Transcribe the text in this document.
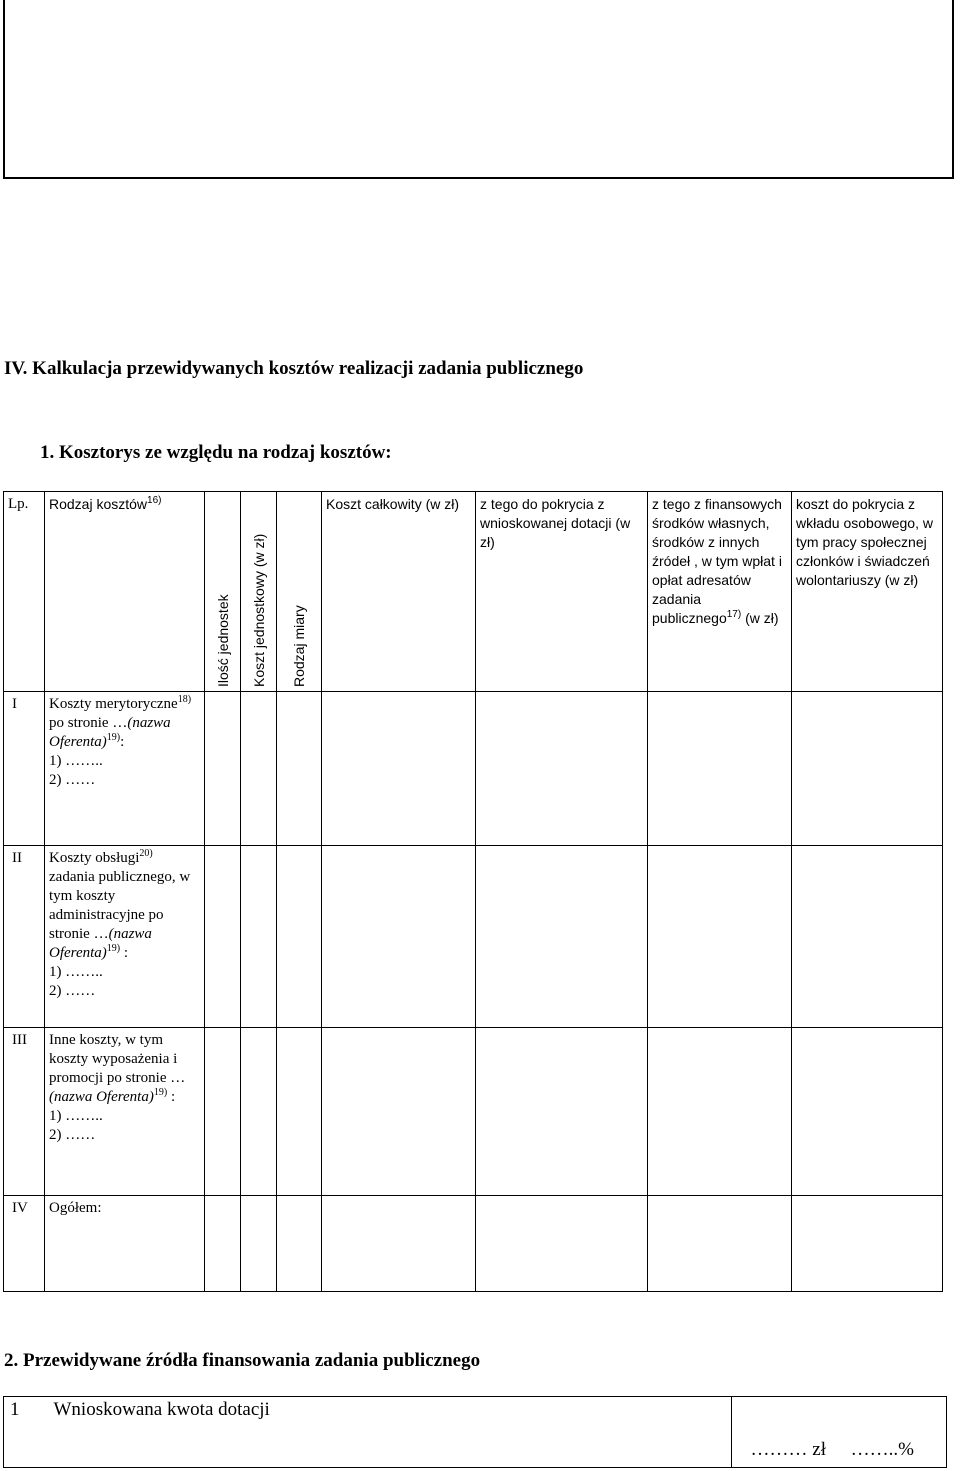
IV. Kalkulacja przewidywanych kosztów realizacji zadania publicznego
1. Kosztorys ze względu na rodzaj kosztów:
Lp.	Rodzaj kosztów$^{16)}$	Ilość jednostek	Koszt jednostkowy (w zł)	Rodzaj miary	Koszt całkowity (w zł)	z tego do pokrycia z wnioskowanej dotacji (w zł)	z tego z finansowych środków własnych, środków z innych źródeł , w tym wpłat i opłat adresatów zadania publicznego$^{17)}$ (w zł)	koszt do pokrycia z wkładu osobowego, w tym pracy społecznej członków i świadczeń wolontariuszy (w zł)
I	Koszty merytoryczne$^{18)}$ po stronie …(nazwa Oferenta)$^{19)}$:
1) ……..
2) ……							
II	Koszty obsługi$^{20)}$ zadania publicznego, w tym koszty administracyjne po stronie …(nazwa Oferenta)$^{19)}$ :
1) ……..
2) ……							
III	Inne koszty, w tym koszty wyposażenia i promocji po stronie … (nazwa Oferenta)$^{19)}$ :
1) ……..
2) ……							
IV	Ogółem:							
2. Przewidywane źródła finansowania zadania publicznego
1	Wnioskowana kwota dotacji	
……… zł ……..%
